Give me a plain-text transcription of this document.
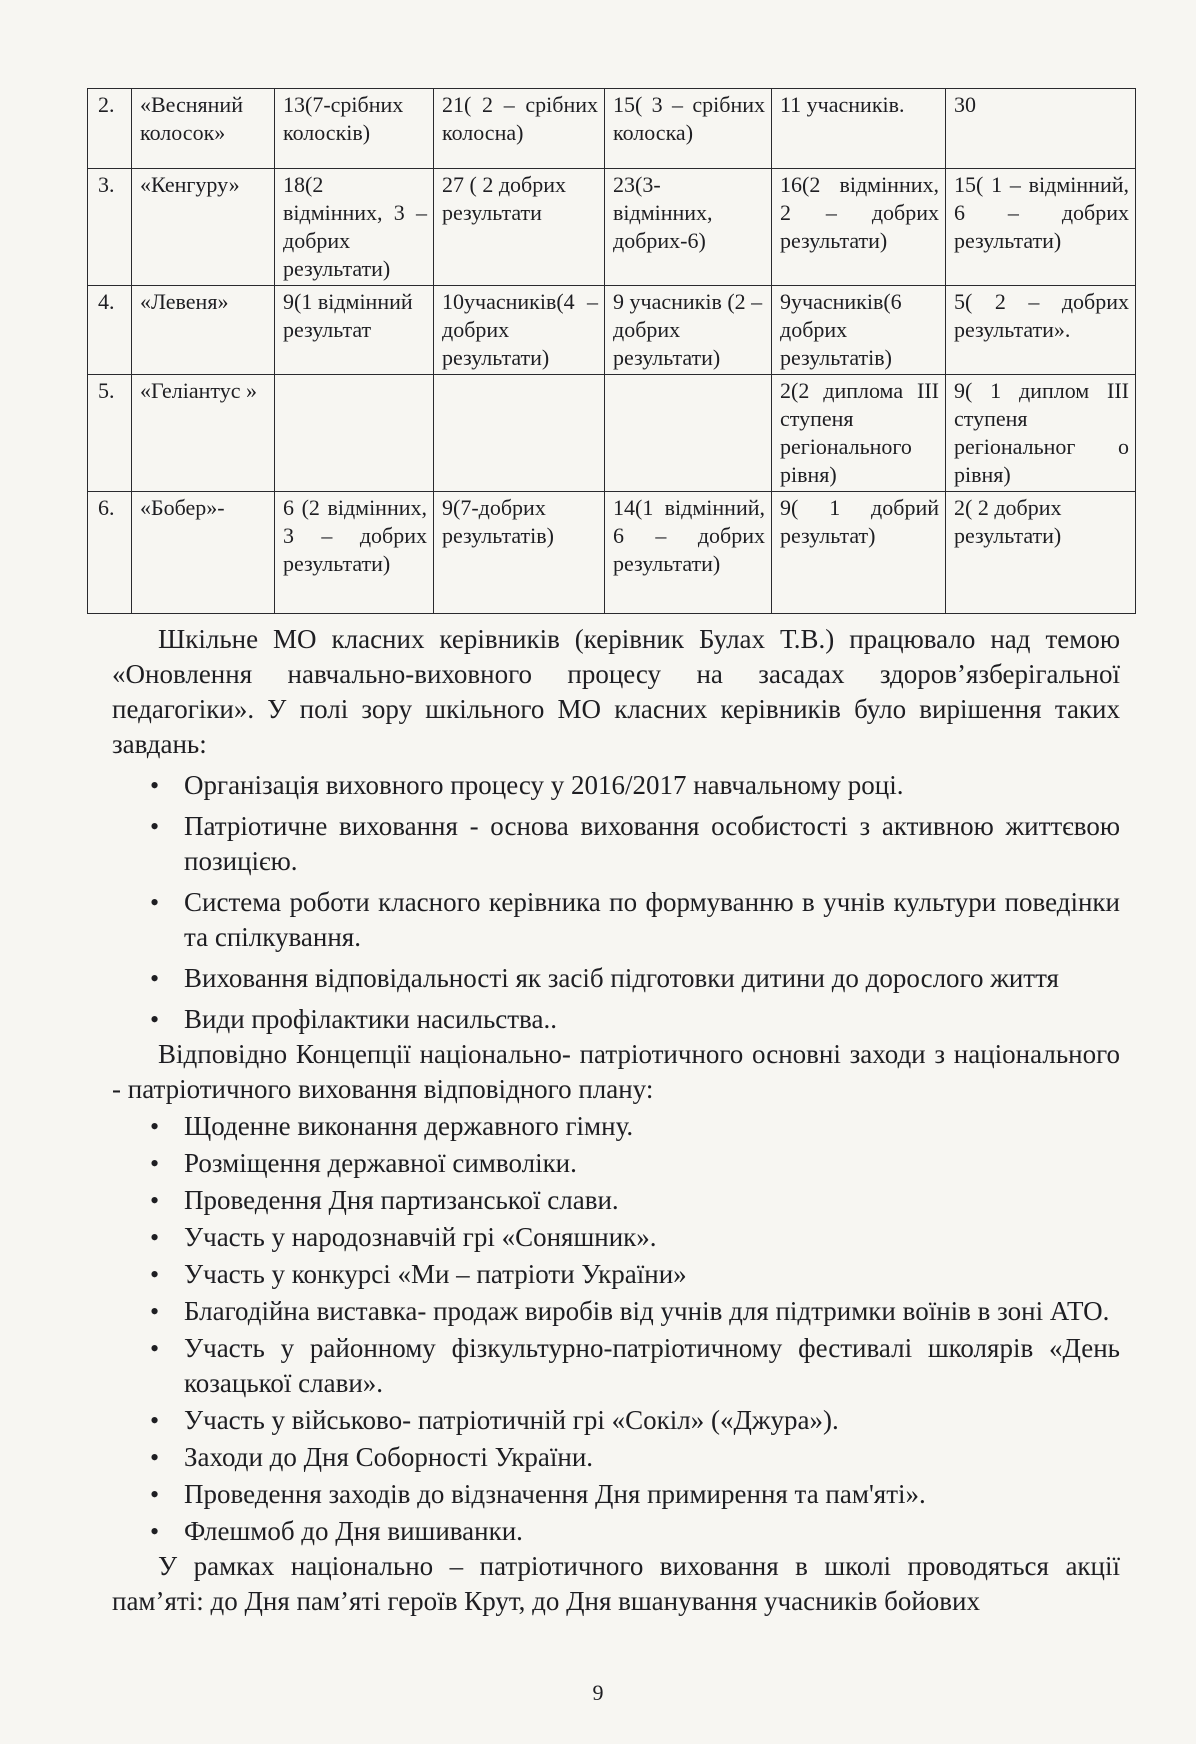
2.	«Весняний колосок»	13(7-срібних колосків)	21( 2 – срібних колосна)	15( 3 – срібних колоска)	11 учасників.	30
3.	«Кенгуру»	18(2 відмінних, 3 – добрих результати)	27 ( 2 добрих результати	23(3- відмінних, добрих-6)	16(2 відмінних, 2 – добрих результати)	15( 1 – відмінний, 6 – добрих результати)
4.	«Левеня»	9(1 відмінний результат	10учасників(4 – добрих результати)	9 учасників (2 –добрих результати)	9учасників(6 добрих результатів)	5( 2 – добрих результати».
5.	«Геліантус »				2(2 диплома ІІІ ступеня регіонального рівня)	9( 1 диплом ІІІ ступеня регіональног о рівня)
6.	«Бобер»-	6 (2 відмінних, 3 – добрих результати)	9(7-добрих результатів)	14(1 відмінний, 6 – добрих результати)	9( 1 добрий результат)	2( 2 добрих результати)

Шкільне МО класних керівників (керівник Булах Т.В.) працювало над темою «Оновлення навчально-виховного процесу на засадах здоров’язберігальної педагогіки». У полі зору шкільного МО класних керівників було вирішення таких завдань:

• Організація виховного процесу у 2016/2017 навчальному році.
• Патріотичне виховання - основа виховання особистості з активною життєвою позицією.
• Система роботи класного керівника по формуванню в учнів культури поведінки та спілкування.
• Виховання відповідальності як засіб підготовки дитини до дорослого життя
• Види профілактики насильства..

Відповідно Концепції національно- патріотичного основні заходи з національного - патріотичного виховання відповідного плану:

• Щоденне виконання державного гімну.
• Розміщення державної символіки.
• Проведення Дня партизанської слави.
• Участь у народознавчій грі «Соняшник».
• Участь у конкурсі «Ми – патріоти України»
• Благодійна виставка- продаж виробів від учнів для підтримки воїнів в зоні АТО.
• Участь у районному фізкультурно-патріотичному фестивалі школярів «День козацької слави».
• Участь у військово- патріотичній грі «Сокіл» («Джура»).
• Заходи до Дня Соборності України.
• Проведення заходів до відзначення Дня примирення та пам'яті».
• Флешмоб до Дня вишиванки.

У рамках національно – патріотичного виховання в школі проводяться акції пам’яті: до Дня пам’яті героїв Крут, до Дня вшанування учасників бойових

9
